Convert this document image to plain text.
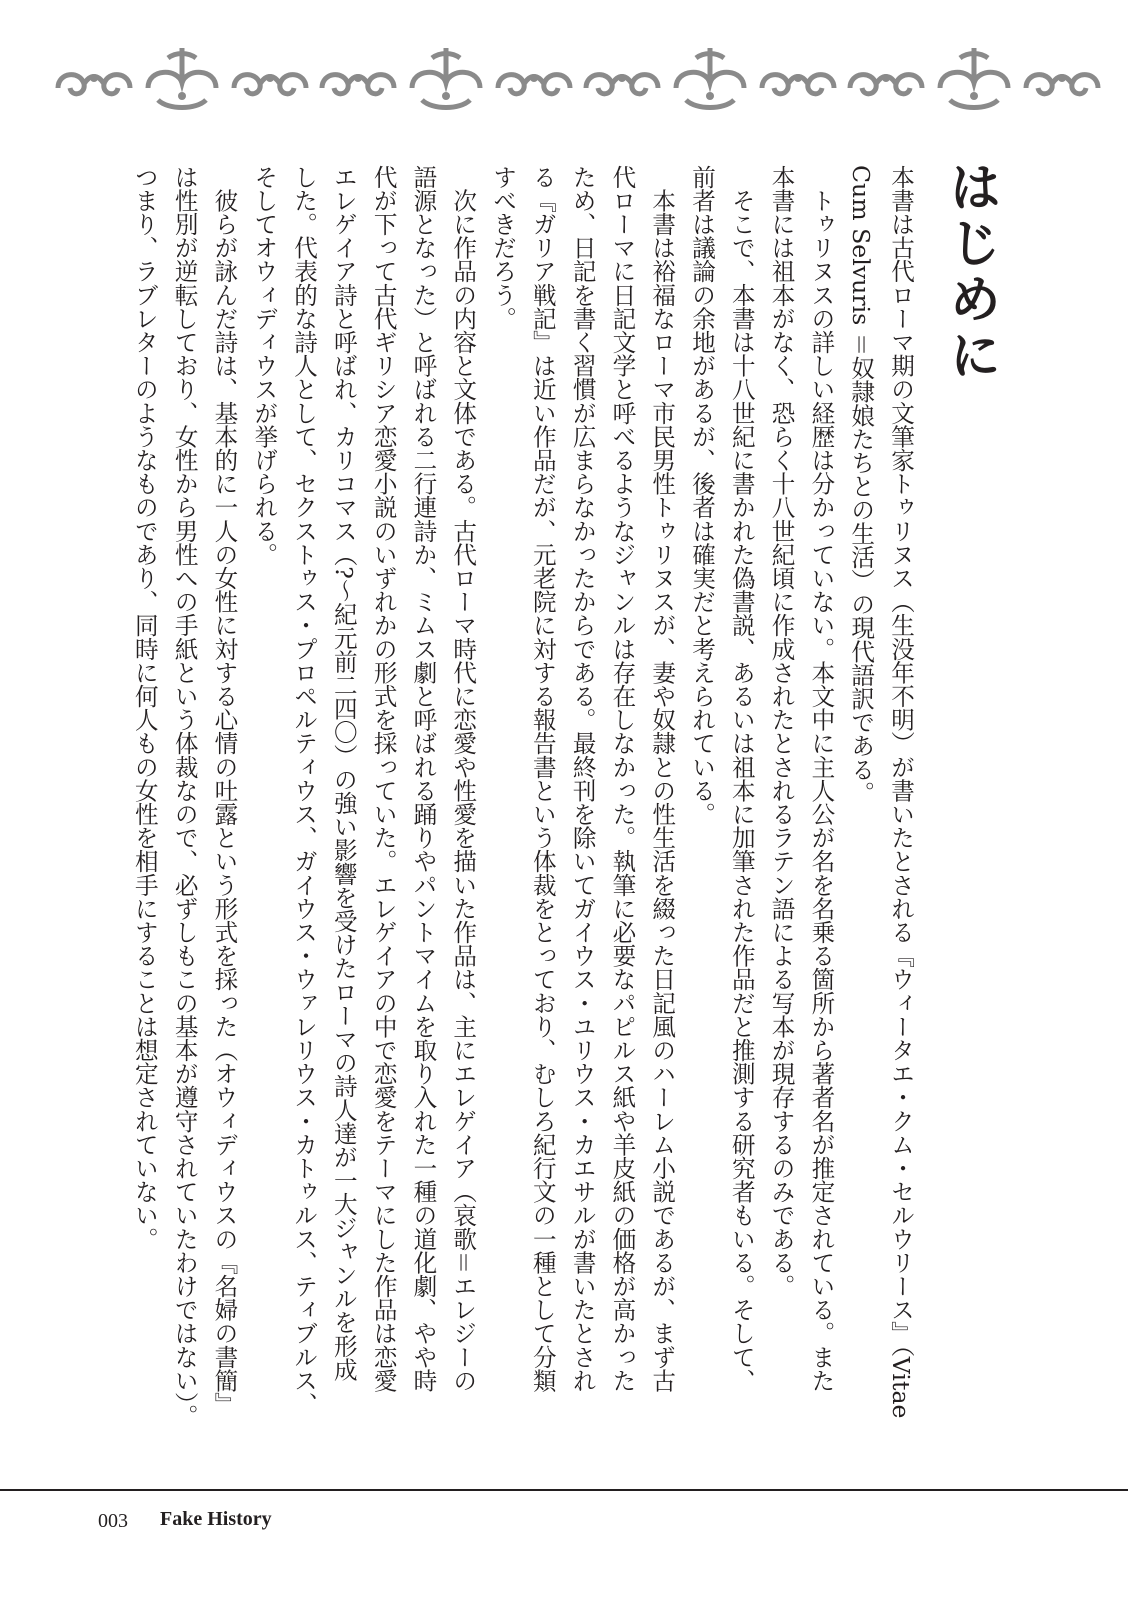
はじめに
本書は古代ローマ期の文筆家トゥリヌス（生没年不明）が書いたとされる『ウィータエ・クム・セルウリース』（Vitae
Cum Selvuris ＝奴隷娘たちとの生活）の現代語訳である。
　トゥリヌスの詳しい経歴は分かっていない。本文中に主人公が名を名乗る箇所から著者名が推定されている。また
本書には祖本がなく、恐らく十八世紀頃に作成されたとされるラテン語による写本が現存するのみである。
　そこで、本書は十八世紀に書かれた偽書説、あるいは祖本に加筆された作品だと推測する研究者もいる。そして、
前者は議論の余地があるが、後者は確実だと考えられている。
　本書は裕福なローマ市民男性トゥリヌスが、妻や奴隷との性生活を綴った日記風のハーレム小説であるが、まず古
代ローマに日記文学と呼べるようなジャンルは存在しなかった。執筆に必要なパピルス紙や羊皮紙の価格が高かった
ため、日記を書く習慣が広まらなかったからである。最終刊を除いてガイウス・ユリウス・カエサルが書いたとされ
る『ガリア戦記』は近い作品だが、元老院に対する報告書という体裁をとっており、むしろ紀行文の一種として分類
すべきだろう。
　次に作品の内容と文体である。古代ローマ時代に恋愛や性愛を描いた作品は、主にエレゲイア（哀歌＝エレジーの
語源となった）と呼ばれる二行連詩か、ミムス劇と呼ばれる踊りやパントマイムを取り入れた一種の道化劇、やや時
代が下って古代ギリシア恋愛小説のいずれかの形式を採っていた。エレゲイアの中で恋愛をテーマにした作品は恋愛
エレゲイア詩と呼ばれ、カリコマス（?〜紀元前二四〇）の強い影響を受けたローマの詩人達が一大ジャンルを形成
した。代表的な詩人として、セクストゥス・プロペルティウス、ガイウス・ウァレリウス・カトゥルス、ティブルス、
そしてオウィディウスが挙げられる。
　彼らが詠んだ詩は、基本的に一人の女性に対する心情の吐露という形式を採った（オウィディウスの『名婦の書簡』
は性別が逆転しており、女性から男性への手紙という体裁なので、必ずしもこの基本が遵守されていたわけではない）。
つまり、ラブレターのようなものであり、同時に何人もの女性を相手にすることは想定されていない。
003 Fake History
